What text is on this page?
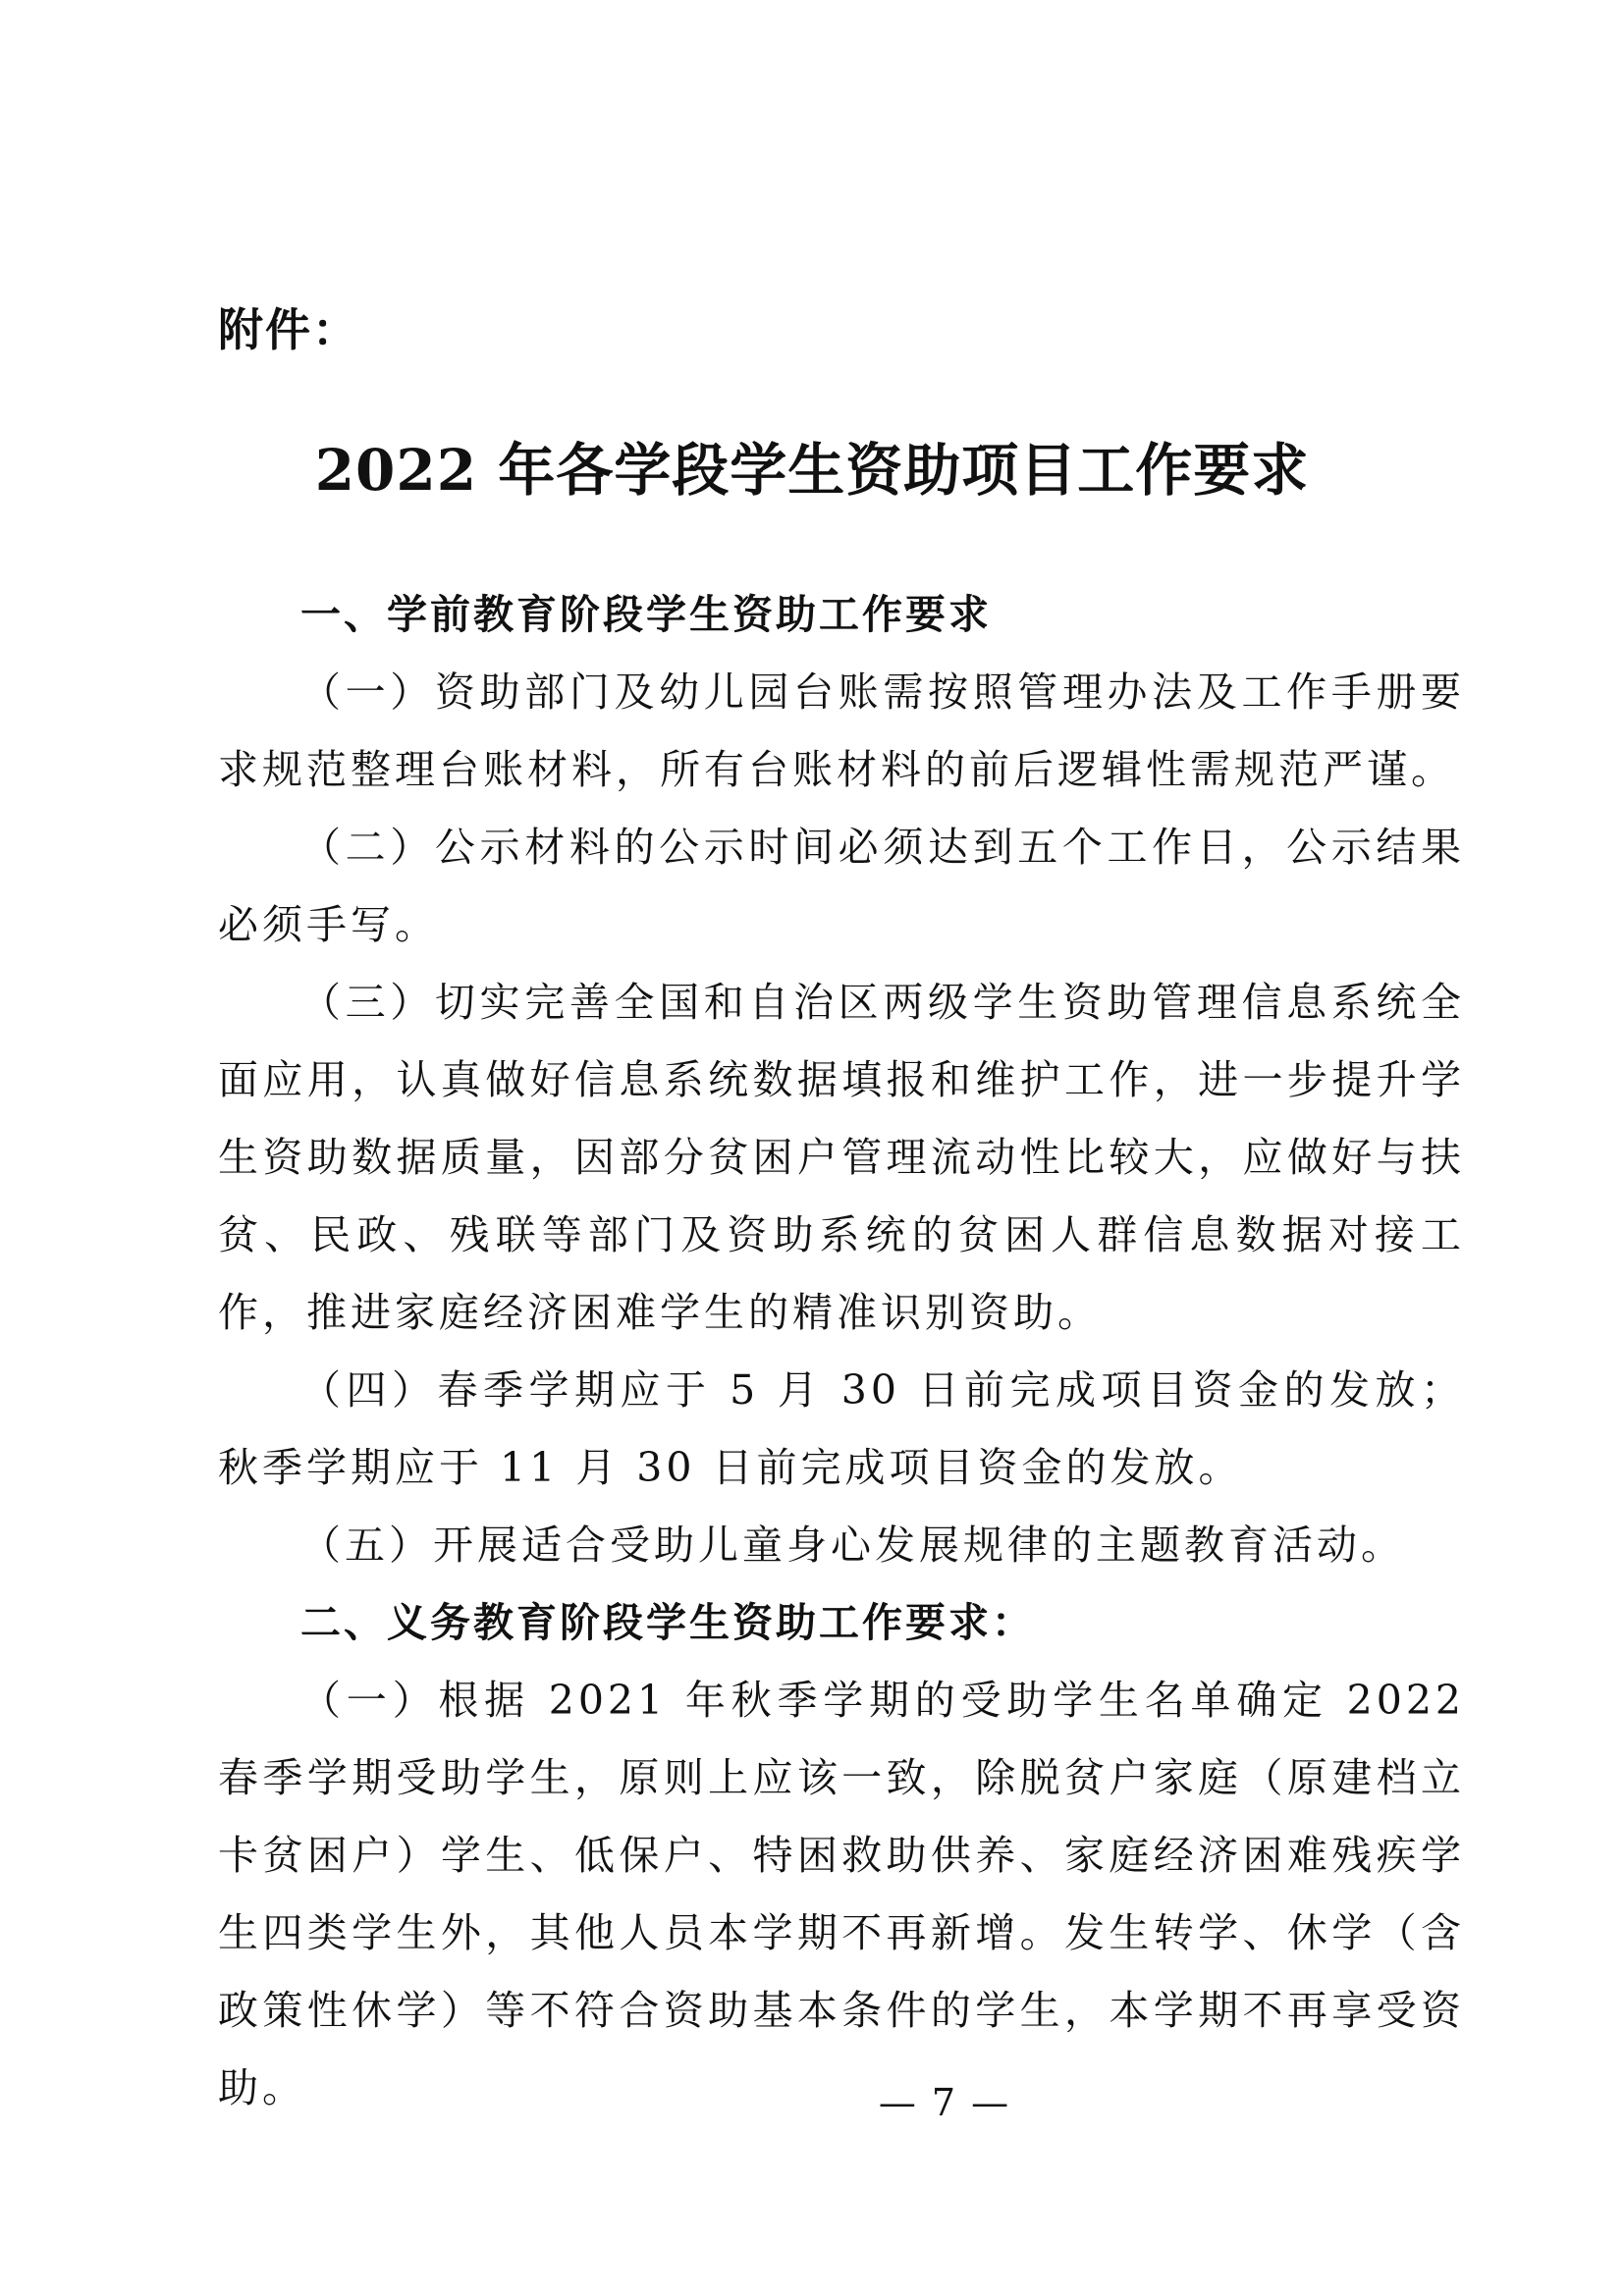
附件：
2022 年各学段学生资助项目工作要求

一、学前教育阶段学生资助工作要求

（一）资助部门及幼儿园台账需按照管理办法及工作手册要求规范整理台账材料，所有台账材料的前后逻辑性需规范严谨。

（二）公示材料的公示时间必须达到五个工作日，公示结果必须手写。

（三）切实完善全国和自治区两级学生资助管理信息系统全面应用，认真做好信息系统数据填报和维护工作，进一步提升学生资助数据质量，因部分贫困户管理流动性比较大，应做好与扶贫、民政、残联等部门及资助系统的贫困人群信息数据对接工作，推进家庭经济困难学生的精准识别资助。

（四）春季学期应于 5 月 30 日前完成项目资金的发放；秋季学期应于 11 月 30 日前完成项目资金的发放。

（五）开展适合受助儿童身心发展规律的主题教育活动。

二、义务教育阶段学生资助工作要求：

（一）根据 2021 年秋季学期的受助学生名单确定 2022 春季学期受助学生，原则上应该一致，除脱贫户家庭（原建档立卡贫困户）学生、低保户、特困救助供养、家庭经济困难残疾学生四类学生外，其他人员本学期不再新增。发生转学、休学（含政策性休学）等不符合资助基本条件的学生，本学期不再享受资助。	— 7 —
